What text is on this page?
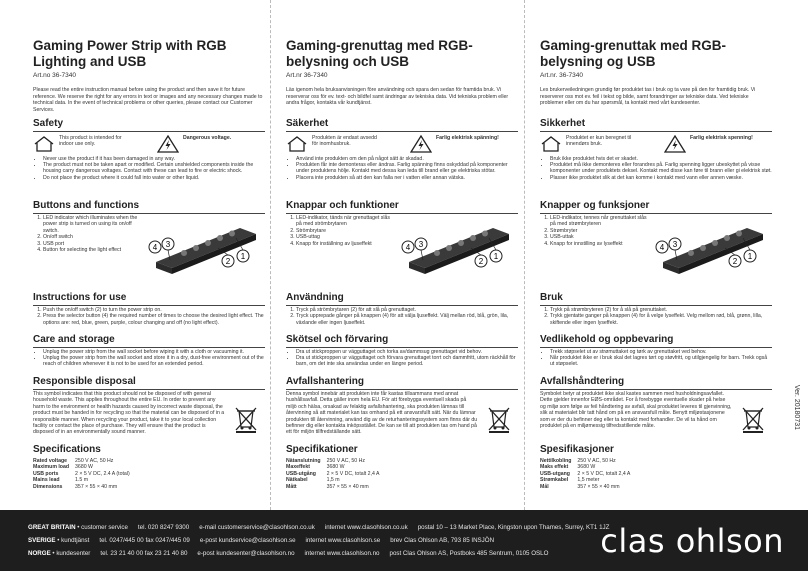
Gaming Power Strip with RGB Lighting and USB
Art.no 36-7340
Please read the entire instruction manual before using the product and then save it for future reference. We reserve the right for any errors in text or images and any necessary changes made to technical data. In the event of technical problems or other queries, please contact our Customer Services.
Safety
This product is intended for indoor use only.
Dangerous voltage.
• Never use the product if it has been damaged in any way.
• The product must not be taken apart or modified. Certain unshielded components inside the housing carry dangerous voltages. Contact with these can lead to fire or electric shock.
• Do not place the product where it could fall into water or other liquid.
Buttons and functions
1. LED indicator which illuminates when the power strip is turned on using its on/off switch.
2. On/off switch
3. USB port
4. Button for selecting the light effect
1
2
3
4
Instructions for use
1. Push the on/off switch (2) to turn the power strip on.
2. Press the selector button (4) the required number of times to choose the desired light effect. The options are: red, blue, green, purple, colour changing and off (no light effect).
Care and storage
• Unplug the power strip from the wall socket before wiping it with a cloth or vacuuming it.
• Unplug the power strip from the wall socket and store it in a dry, dust-free environment out of the reach of children whenever it is not to be used for an extended period.
Responsible disposal
This symbol indicates that this product should not be disposed of with general household waste. This applies throughout the entire EU. In order to prevent any harm to the environment or health hazards caused by incorrect waste disposal, the product must be handed in for recycling so that the material can be disposed of in a responsible manner. When recycling your product, take it to your local collection facility or contact the place of purchase. They will ensure that the product is disposed of in an environmentally sound manner.
Specifications
Rated voltage	250 V AC, 50 Hz
Maximum load	3680 W
USB ports	2 × 5 V DC, 2.4 A (total)
Mains lead	1.5 m
Dimensions	357 × 55 × 40 mm
Gaming-grenuttag med RGB-belysning och USB
Art.nr 36-7340
Läs igenom hela bruksanvisningen före användning och spara den sedan för framtida bruk. Vi reserverar oss för ev. text- och bildfel samt ändringar av tekniska data. Vid tekniska problem eller andra frågor, kontakta vår kundtjänst.
Säkerhet
Produkten är endast avsedd för inomhusbruk.
Farlig elektrisk spänning!
• Använd inte produkten om den på något sätt är skadad.
• Produkten får inte demonteras eller ändras. Farlig spänning finns oskyddad på komponenter under produktens hölje. Kontakt med dessa kan leda till brand eller ge elektriska stötar.
• Placera inte produkten så att den kan falla ner i vatten eller annan vätska.
Knappar och funktioner
1. LED-indikator, tänds när grenuttaget slås på med strömbrytaren
2. Strömbrytare
3. USB-uttag
4. Knapp för inställning av ljuseffekt
1
2
3
4
Användning
1. Tryck på strömbrytaren (2) för att slå på grenuttaget.
2. Tryck upprepade gånger på knappen (4) för att välja ljuseffekt. Välj mellan röd, blå, grön, lila, växlande eller ingen ljuseffekt.
Skötsel och förvaring
• Dra ut stickproppen ur vägguttaget och torka av/dammsug grenuttaget vid behov.
• Dra ut stickproppen ur vägguttaget och förvara grenuttaget torrt och dammfritt, utom räckhåll för barn, om det inte ska användas under en längre period.
Avfallshantering
Denna symbol innebär att produkten inte får kastas tillsammans med annat hushållsavfall. Detta gäller inom hela EU. För att förebygga eventuell skada på miljö och hälsa, orsakad av felaktig avfallshantering, ska produkten lämnas till återvinning så att materialet kan tas omhand på ett ansvarsfullt sätt. När du lämnar produkten till återvinning, använd dig av de returhanteringssystem som finns där du befinner dig eller kontakta inköpsstället. De kan se till att produkten tas om hand på ett för miljön tillfredställande sätt.
Specifikationer
Nätanslutning	250 V AC, 50 Hz
Maxeffekt	3680 W
USB-utgång	2 × 5 V DC, totalt 2,4 A
Nätkabel	1,5 m
Mått	357 × 55 × 40 mm
Gaming-grenuttak med RGB-belysning og USB
Art.nr. 36-7340
Les brukerveiledningen grundig før produktet tas i bruk og ta vare på den for framtidig bruk. Vi reserverer oss mot ev. feil i tekst og bilde, samt forandringer av tekniske data. Ved tekniske problemer eller om du har spørsmål, ta kontakt med vårt kundesenter.
Sikkerhet
Produktet er kun beregnet til innendørs bruk.
Farlig elektrisk spenning!
• Bruk ikke produktet hvis det er skadet.
• Produktet må ikke demonteres eller forandres på. Farlig spenning ligger ubeskyttet på visse komponenter under produktets deksel. Kontakt med disse kan føre til brann eller gi elektrisk støt.
• Plasser ikke produktet slik at det kan komme i kontakt med vann eller annen væske.
Knapper og funksjoner
1. LED-indikator, tennes når grenuttaket slås på med strømbryteren
2. Strømbryter
3. USB-uttak
4. Knapp for innstilling av lyseffekt
1
2
3
4
Bruk
1. Trykk på strømbryteren (2) for å slå på grenuttaket.
2. Trykk gjentatte ganger på knappen (4) for å velge lyseffekt. Velg mellom rød, blå, grønn, lilla, skiftende eller ingen lyseffekt.
Vedlikehold og oppbevaring
• Trekk støpselet ut av strømuttaket og tørk av grenuttaket ved behov.
• Når produktet ikke er i bruk skal det lagres tørt og støvfritt, og utilgjengelig for barn. Trekk også ut støpselet.
Avfallshåndtering
Symbolet betyr at produktet ikke skal kastes sammen med husholdningsavfallet. Dette gjelder innenfor EØS-området. For å forebygge eventuelle skader på helse og miljø som følge av feil håndtering av avfall, skal produktet leveres til gjenvinning, slik at materialet blir tatt hånd om på en ansvarsfull måte. Benytt miljøstasjonene som er der du befinner deg eller ta kontakt med forhandler. De vil ta hånd om produktet på en miljømessig tilfredsstillende måte.
Spesifikasjoner
Nettilkobling	250 V AC, 50 Hz
Maks effekt	3680 W
USB-utgang	2 × 5 V DC, totalt 2,4 A
Strømkabel	1,5 meter
Mål	357 × 55 × 40 mm
Ver. 20180731
GREAT BRITAIN • customer service tel. 020 8247 9300 e-mail customerservice@clasohlson.co.uk internet www.clasohlson.co.uk postal 10 – 13 Market Place, Kingston upon Thames, Surrey, KT1 1JZ
SVERIGE • kundtjänst tel. 0247/445 00 fax 0247/445 09 e-post kundservice@clasohlson.se internet www.clasohlson.se brev Clas Ohlson AB, 793 85 INSJÖN
NORGE • kundesenter tel. 23 21 40 00 fax 23 21 40 80 e-post kundesenter@clasohlson.no internet www.clasohlson.no post Clas Ohlson AS, Postboks 485 Sentrum, 0105 OSLO clas ohlson
